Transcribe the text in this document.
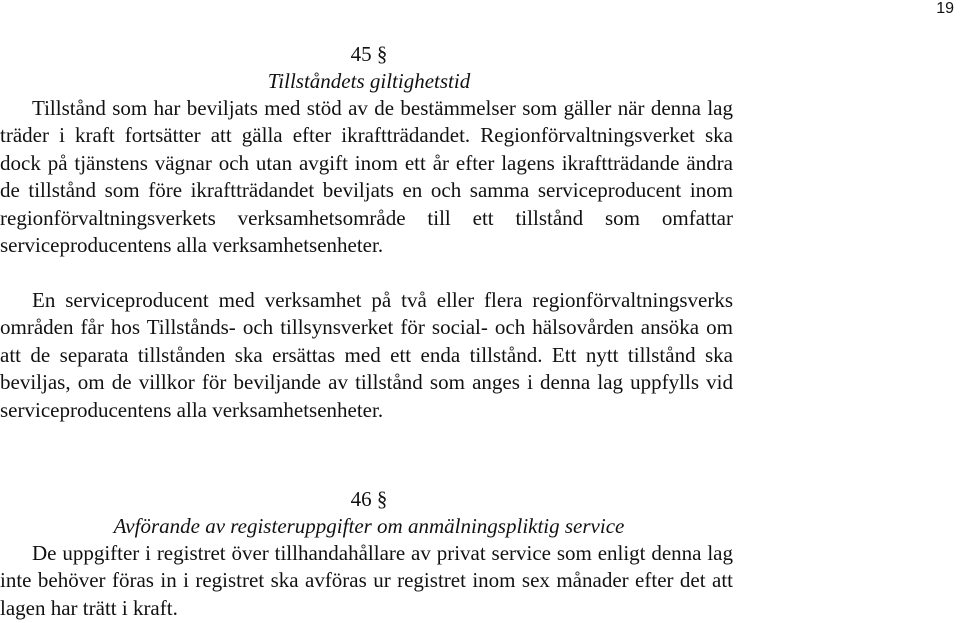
19
45 §
Tillståndets giltighetstid

Tillstånd som har beviljats med stöd av de bestämmelser som gäller när denna lag träder i kraft fortsätter att gälla efter ikraftträdandet. Regionförvaltningsverket ska dock på tjänstens vägnar och utan avgift inom ett år efter lagens ikraftträdande ändra de tillstånd som före ikraftträdandet beviljats en och samma serviceproducent inom regionförvaltningsverkets verksamhetsområde till ett tillstånd som omfattar serviceproducentens alla verksamhetsenheter.

En serviceproducent med verksamhet på två eller flera regionförvaltningsverks områden får hos Tillstånds- och tillsynsverket för social- och hälsovården ansöka om att de separata tillstånden ska ersättas med ett enda tillstånd. Ett nytt tillstånd ska beviljas, om de villkor för beviljande av tillstånd som anges i denna lag uppfylls vid serviceproducentens alla verksamhetsenheter.

46 §
Avförande av registeruppgifter om anmälningspliktig service

De uppgifter i registret över tillhandahållare av privat service som enligt denna lag inte behöver föras in i registret ska avföras ur registret inom sex månader efter det att lagen har trätt i kraft.
